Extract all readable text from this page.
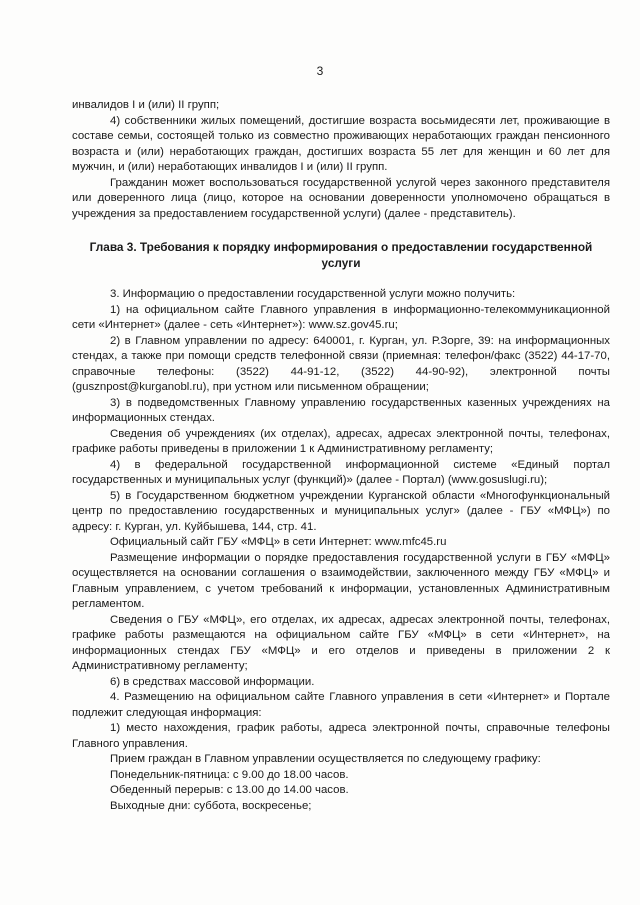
3

инвалидов I и (или) II групп;

4) собственники жилых помещений, достигшие возраста восьмидесяти лет, проживающие в составе семьи, состоящей только из совместно проживающих неработающих граждан пенсионного возраста и (или) неработающих граждан, достигших возраста 55 лет для женщин и 60 лет для мужчин, и (или) неработающих инвалидов I и (или) II групп.

Гражданин может воспользоваться государственной услугой через законного представителя или доверенного лица (лицо, которое на основании доверенности уполномочено обращаться в учреждения за предоставлением государственной услуги) (далее - представитель).

Глава 3. Требования к порядку информирования о предоставлении государственной услуги

3. Информацию о предоставлении государственной услуги можно получить:

1) на официальном сайте Главного управления в информационно-телекоммуникационной сети «Интернет» (далее - сеть «Интернет»): www.sz.gov45.ru;

2) в Главном управлении по адресу: 640001, г. Курган, ул. Р.Зорге, 39: на информационных стендах, а также при помощи средств телефонной связи (приемная: телефон/факс (3522) 44-17-70, справочные телефоны: (3522) 44-91-12, (3522) 44-90-92), электронной почты (gusznpost@kurganobl.ru), при устном или письменном обращении;

3) в подведомственных Главному управлению государственных казенных учреждениях на информационных стендах.

Сведения об учреждениях (их отделах), адресах, адресах электронной почты, телефонах, графике работы приведены в приложении 1 к Административному регламенту;

4) в федеральной государственной информационной системе «Единый портал государственных и муниципальных услуг (функций)» (далее - Портал) (www.gosuslugi.ru);

5) в Государственном бюджетном учреждении Курганской области «Многофункциональный центр по предоставлению государственных и муниципальных услуг» (далее - ГБУ «МФЦ») по адресу: г. Курган, ул. Куйбышева, 144, стр. 41.

Официальный сайт ГБУ «МФЦ» в сети Интернет: www.mfc45.ru

Размещение информации о порядке предоставления государственной услуги в ГБУ «МФЦ» осуществляется на основании соглашения о взаимодействии, заключенного между ГБУ «МФЦ» и Главным управлением, с учетом требований к информации, установленных Административным регламентом.

Сведения о ГБУ «МФЦ», его отделах, их адресах, адресах электронной почты, телефонах, графике работы размещаются на официальном сайте ГБУ «МФЦ» в сети «Интернет», на информационных стендах ГБУ «МФЦ» и его отделов и приведены в приложении 2 к Административному регламенту;

6) в средствах массовой информации.

4. Размещению на официальном сайте Главного управления в сети «Интернет» и Портале подлежит следующая информация:

1) место нахождения, график работы, адреса электронной почты, справочные телефоны Главного управления.

Прием граждан в Главном управлении осуществляется по следующему графику:

Понедельник-пятница: с 9.00 до 18.00 часов.

Обеденный перерыв: с 13.00 до 14.00 часов.

Выходные дни: суббота, воскресенье;
